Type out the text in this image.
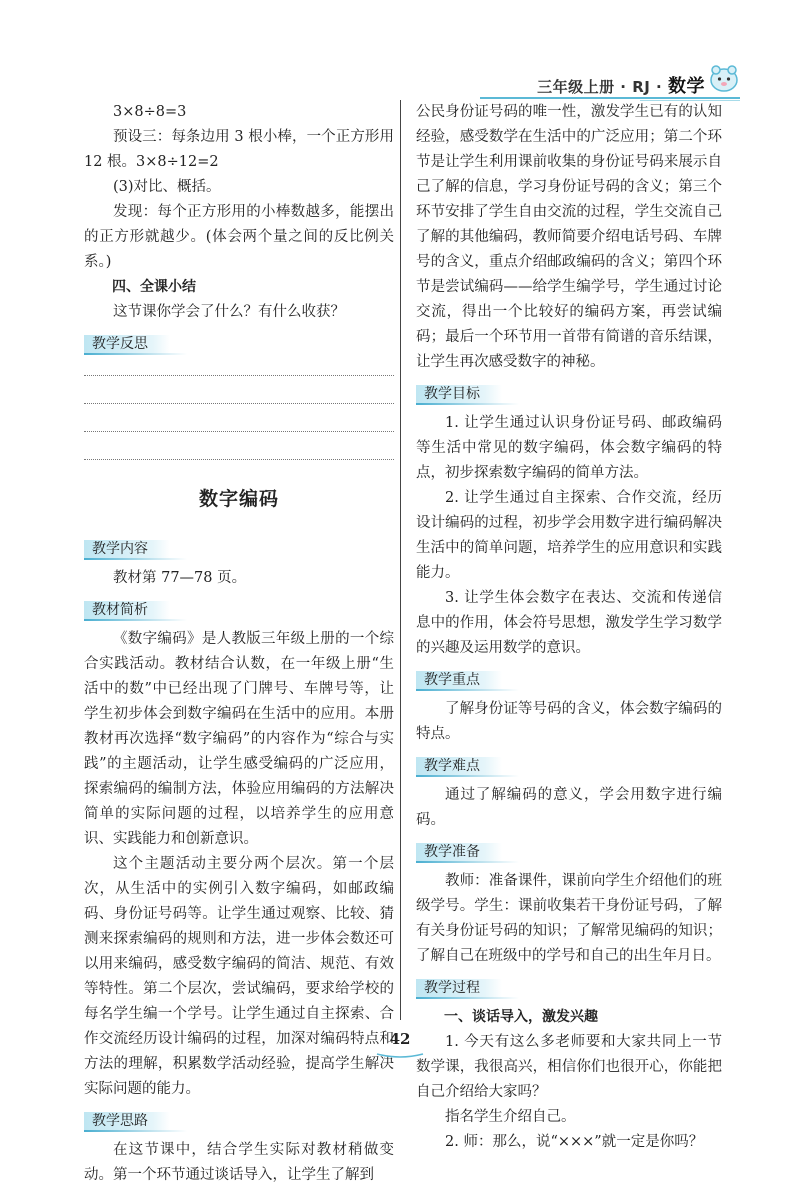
三年级上册 · RJ · 数学

3×8÷8=3

预设三：每条边用 3 根小棒，一个正方形用 12 根。3×8÷12=2

(3)对比、概括。

发现：每个正方形用的小棒数越多，能摆出的正方形就越少。(体会两个量之间的反比例关系。)

四、全课小结

这节课你学会了什么？有什么收获？

教学反思
数字编码
教学内容

教材第 77—78 页。

教材简析

《数字编码》是人教版三年级上册的一个综合实践活动。教材结合认数，在一年级上册“生活中的数”中已经出现了门牌号、车牌号等，让学生初步体会到数字编码在生活中的应用。本册教材再次选择“数字编码”的内容作为“综合与实践”的主题活动，让学生感受编码的广泛应用，探索编码的编制方法，体验应用编码的方法解决简单的实际问题的过程，以培养学生的应用意识、实践能力和创新意识。

这个主题活动主要分两个层次。第一个层次，从生活中的实例引入数字编码，如邮政编码、身份证号码等。让学生通过观察、比较、猜测来探索编码的规则和方法，进一步体会数还可以用来编码，感受数字编码的简洁、规范、有效等特性。第二个层次，尝试编码，要求给学校的每名学生编一个学号。让学生通过自主探索、合作交流经历设计编码的过程，加深对编码特点和方法的理解，积累数学活动经验，提高学生解决实际问题的能力。

教学思路

在这节课中，结合学生实际对教材稍做变动。第一个环节通过谈话导入，让学生了解到

公民身份证号码的唯一性，激发学生已有的认知经验，感受数学在生活中的广泛应用；第二个环节是让学生利用课前收集的身份证号码来展示自己了解的信息，学习身份证号码的含义；第三个环节安排了学生自由交流的过程，学生交流自己了解的其他编码，教师简要介绍电话号码、车牌号的含义，重点介绍邮政编码的含义；第四个环节是尝试编码——给学生编学号，学生通过讨论交流，得出一个比较好的编码方案，再尝试编码；最后一个环节用一首带有简谱的音乐结课，让学生再次感受数字的神秘。

教学目标

1. 让学生通过认识身份证号码、邮政编码等生活中常见的数字编码，体会数字编码的特点，初步探索数字编码的简单方法。

2. 让学生通过自主探索、合作交流，经历设计编码的过程，初步学会用数字进行编码解决生活中的简单问题，培养学生的应用意识和实践能力。

3. 让学生体会数字在表达、交流和传递信息中的作用，体会符号思想，激发学生学习数学的兴趣及运用数学的意识。

教学重点

了解身份证等号码的含义，体会数字编码的特点。

教学难点

通过了解编码的意义，学会用数字进行编码。

教学准备

教师：准备课件，课前向学生介绍他们的班级学号。学生：课前收集若干身份证号码，了解有关身份证号码的知识；了解常见编码的知识；了解自己在班级中的学号和自己的出生年月日。

教学过程

一、谈话导入，激发兴趣

1. 今天有这么多老师要和大家共同上一节数学课，我很高兴，相信你们也很开心，你能把自己介绍给大家吗？

指名学生介绍自己。

2. 师：那么，说“×××”就一定是你吗？

42
